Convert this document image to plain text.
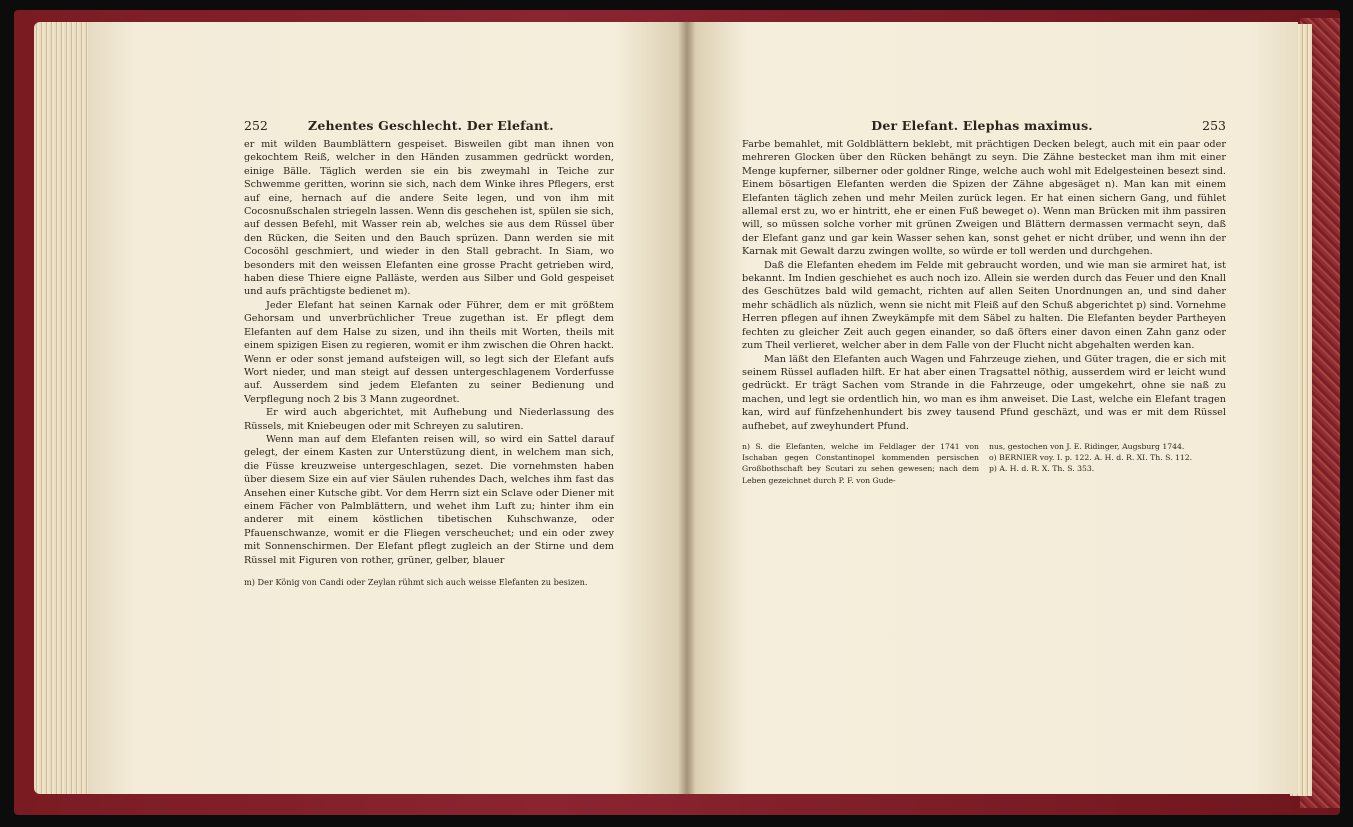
252	Zehentes Geschlecht. Der Elefant.

er mit wilden Baumblättern gespeiset. Bisweilen gibt man ihnen von gekochtem Reiß, welcher in den Händen zusammen gedrückt worden, einige Bälle. Täglich werden sie ein bis zweymahl in Teiche zur Schwemme geritten, worinn sie sich, nach dem Winke ihres Pflegers, erst auf eine, hernach auf die andere Seite legen, und von ihm mit Cocosnußschalen striegeln lassen. Wenn dis geschehen ist, spülen sie sich, auf dessen Befehl, mit Wasser rein ab, welches sie aus dem Rüssel über den Rücken, die Seiten und den Bauch sprüzen. Dann werden sie mit Cocosöhl geschmiert, und wieder in den Stall gebracht. In Siam, wo besonders mit den weissen Elefanten eine grosse Pracht getrieben wird, haben diese Thiere eigne Palläste, werden aus Silber und Gold gespeiset und aufs prächtigste bedienet m).

Jeder Elefant hat seinen Karnak oder Führer, dem er mit größtem Gehorsam und unverbrüchlicher Treue zugethan ist. Er pflegt dem Elefanten auf dem Halse zu sizen, und ihn theils mit Worten, theils mit einem spizigen Eisen zu regieren, womit er ihm zwischen die Ohren hackt. Wenn er oder sonst jemand aufsteigen will, so legt sich der Elefant aufs Wort nieder, und man steigt auf dessen untergeschlagenem Vorderfusse auf. Ausserdem sind jedem Elefanten zu seiner Bedienung und Verpflegung noch 2 bis 3 Mann zugeordnet.

Er wird auch abgerichtet, mit Aufhebung und Niederlassung des Rüssels, mit Kniebeugen oder mit Schreyen zu salutiren.

Wenn man auf dem Elefanten reisen will, so wird ein Sattel darauf gelegt, der einem Kasten zur Unterstüzung dient, in welchem man sich, die Füsse kreuzweise untergeschlagen, sezet. Die vornehmsten haben über diesem Size ein auf vier Säulen ruhendes Dach, welches ihm fast das Ansehen einer Kutsche gibt. Vor dem Herrn sizt ein Sclave oder Diener mit einem Fächer von Palmblättern, und wehet ihm Luft zu; hinter ihm ein anderer mit einem köstlichen tibetischen Kuhschwanze, oder Pfauenschwanze, womit er die Fliegen verscheuchet; und ein oder zwey mit Sonnenschirmen. Der Elefant pflegt zugleich an der Stirne und dem Rüssel mit Figuren von rother, grüner, gelber, blauer

m) Der König von Candi oder Zeylan rühmt sich auch weisse Elefanten zu besizen.
Der Elefant. Elephas maximus.	253

Farbe bemahlet, mit Goldblättern beklebt, mit prächtigen Decken belegt, auch mit ein paar oder mehreren Glocken über den Rücken behängt zu seyn. Die Zähne bestecket man ihm mit einer Menge kupferner, silberner oder goldner Ringe, welche auch wohl mit Edelgesteinen besezt sind. Einem bösartigen Elefanten werden die Spizen der Zähne abgesäget n). Man kan mit einem Elefanten täglich zehen und mehr Meilen zurück legen. Er hat einen sichern Gang, und fühlet allemal erst zu, wo er hintritt, ehe er einen Fuß beweget o). Wenn man Brücken mit ihm passiren will, so müssen solche vorher mit grünen Zweigen und Blättern dermassen vermacht seyn, daß der Elefant ganz und gar kein Wasser sehen kan, sonst gehet er nicht drüber, und wenn ihn der Karnak mit Gewalt darzu zwingen wollte, so würde er toll werden und durchgehen.

Daß die Elefanten ehedem im Felde mit gebraucht worden, und wie man sie armiret hat, ist bekannt. Im Indien geschiehet es auch noch izo. Allein sie werden durch das Feuer und den Knall des Geschützes bald wild gemacht, richten auf allen Seiten Unordnungen an, und sind daher mehr schädlich als nüzlich, wenn sie nicht mit Fleiß auf den Schuß abgerichtet p) sind. Vornehme Herren pflegen auf ihnen Zweykämpfe mit dem Säbel zu halten. Die Elefanten beyder Partheyen fechten zu gleicher Zeit auch gegen einander, so daß öfters einer davon einen Zahn ganz oder zum Theil verlieret, welcher aber in dem Falle von der Flucht nicht abgehalten werden kan.

Man läßt den Elefanten auch Wagen und Fahrzeuge ziehen, und Güter tragen, die er sich mit seinem Rüssel aufladen hilft. Er hat aber einen Tragsattel nöthig, ausserdem wird er leicht wund gedrückt. Er trägt Sachen vom Strande in die Fahrzeuge, oder umgekehrt, ohne sie naß zu machen, und legt sie ordentlich hin, wo man es ihm anweiset. Die Last, welche ein Elefant tragen kan, wird auf fünfzehenhundert bis zwey tausend Pfund geschäzt, und was er mit dem Rüssel aufhebet, auf zweyhundert Pfund.

n) S. die Elefanten, welche im Feldlager der 1741 von Ischaban gegen Constantinopel kommenden persischen Großbothschaft bey Scutari zu sehen gewesen; nach dem Leben gezeichnet durch P. F. von Gude-

nus, gestochen von J. E. Ridinger, Augsburg 1744.

o) BERNIER voy. I. p. 122. A. H. d. R. XI. Th. S. 112.

p) A. H. d. R. X. Th. S. 353.
